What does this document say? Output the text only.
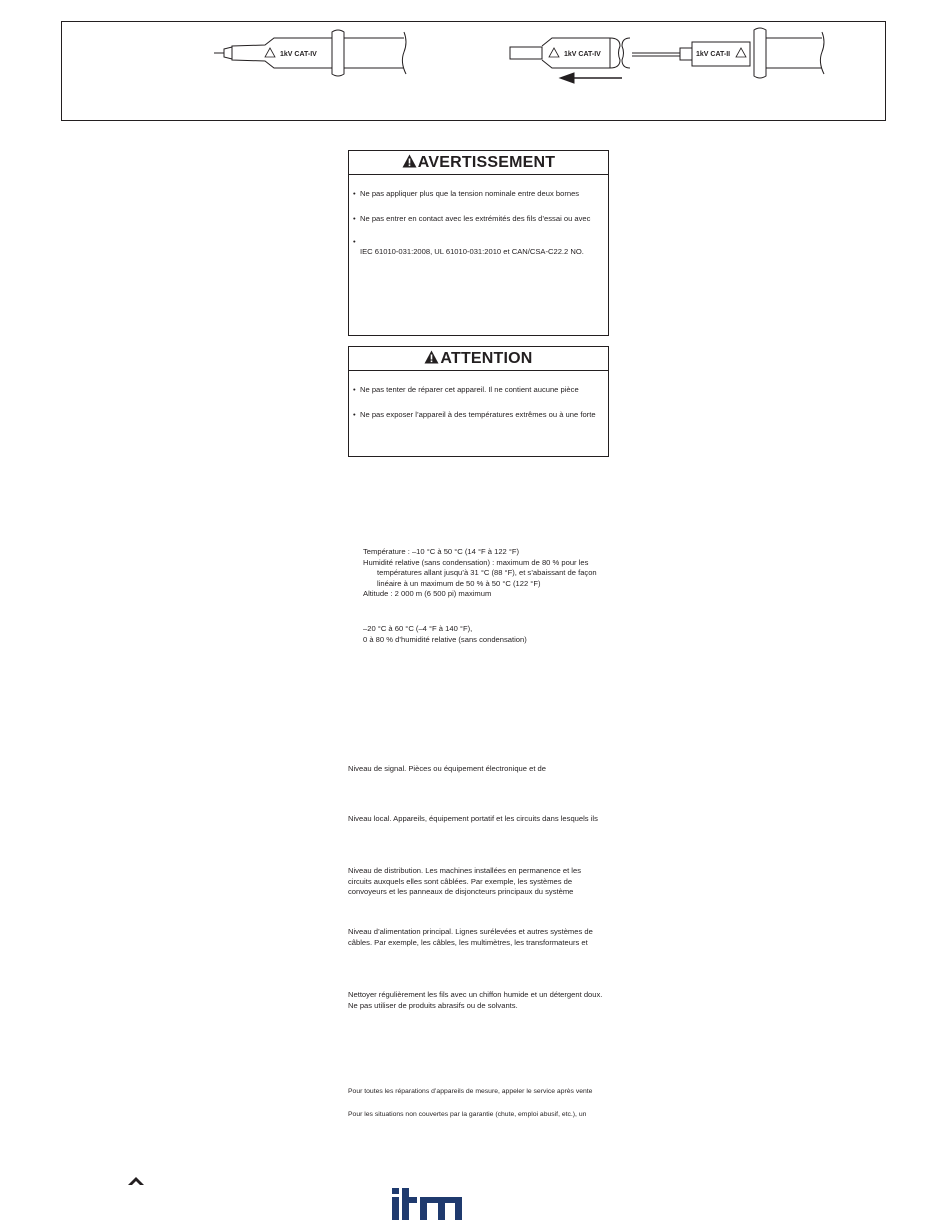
1kV CAT-IV	1kV CAT-IV	1kV CAT-II
AVERTISSEMENT
• Ne pas appliquer plus que la tension nominale entre deux bornes
• Ne pas entrer en contact avec les extrémités des fils d’essai ou avec
•
IEC 61010-031:2008, UL 61010-031:2010 et CAN/CSA-C22.2 NO.
ATTENTION
• Ne pas tenter de réparer cet appareil. Il ne contient aucune pièce
• Ne pas exposer l’appareil à des températures extrêmes ou à une forte
Température : –10 °C à 50 °C (14 °F à 122 °F)
Humidité relative (sans condensation) : maximum de 80 % pour les
températures allant jusqu’à 31 °C (88 °F), et s’abaissant de façon
linéaire à un maximum de 50 % à 50 °C (122 °F)
Altitude : 2 000 m (6 500 pi) maximum
–20 °C à 60 °C (–4 °F à 140 °F),
0 à 80 % d’humidité relative (sans condensation)
Niveau de signal. Pièces ou équipement électronique et de
Niveau local. Appareils, équipement portatif et les circuits dans lesquels ils
Niveau de distribution. Les machines installées en permanence et les
circuits auxquels elles sont câblées. Par exemple, les systèmes de
convoyeurs et les panneaux de disjoncteurs principaux du système
Niveau d’alimentation principal. Lignes surélevées et autres systèmes de
câbles. Par exemple, les câbles, les multimètres, les transformateurs et
Nettoyer régulièrement les fils avec un chiffon humide et un détergent doux.
Ne pas utiliser de produits abrasifs ou de solvants.
Pour toutes les réparations d’appareils de mesure, appeler le service après vente
Pour les situations non couvertes par la garantie (chute, emploi abusif, etc.), un
